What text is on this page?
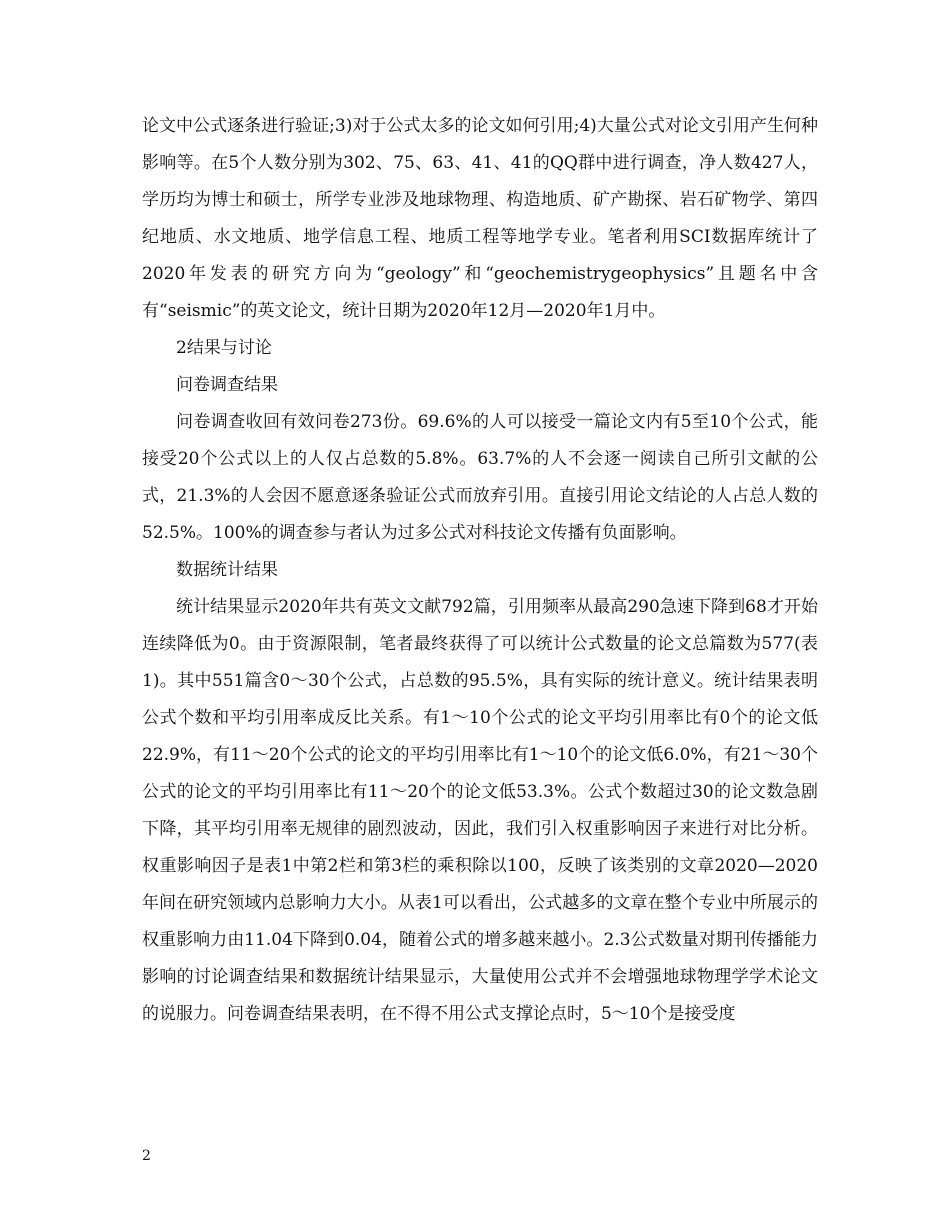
论文中公式逐条进行验证;3)对于公式太多的论文如何引用;4)大量公式对论文引用产生何种影响等。在5个人数分别为302、75、63、41、41的QQ群中进行调查，净人数427人，学历均为博士和硕士，所学专业涉及地球物理、构造地质、矿产勘探、岩石矿物学、第四纪地质、水文地质、地学信息工程、地质工程等地学专业。笔者利用SCI数据库统计了2020年发表的研究方向为“geology”和“geochemistrygeophysics”且题名中含有“seismic”的英文论文，统计日期为2020年12月—2020年1月中。

2结果与讨论

问卷调查结果

问卷调查收回有效问卷273份。69.6%的人可以接受一篇论文内有5至10个公式，能接受20个公式以上的人仅占总数的5.8%。63.7%的人不会逐一阅读自己所引文献的公式，21.3%的人会因不愿意逐条验证公式而放弃引用。直接引用论文结论的人占总人数的52.5%。100%的调查参与者认为过多公式对科技论文传播有负面影响。

数据统计结果

统计结果显示2020年共有英文文献792篇，引用频率从最高290急速下降到68才开始连续降低为0。由于资源限制，笔者最终获得了可以统计公式数量的论文总篇数为577(表1)。其中551篇含0～30个公式，占总数的95.5%，具有实际的统计意义。统计结果表明公式个数和平均引用率成反比关系。有1～10个公式的论文平均引用率比有0个的论文低22.9%，有11～20个公式的论文的平均引用率比有1～10个的论文低6.0%，有21～30个公式的论文的平均引用率比有11～20个的论文低53.3%。公式个数超过30的论文数急剧下降，其平均引用率无规律的剧烈波动，因此，我们引入权重影响因子来进行对比分析。权重影响因子是表1中第2栏和第3栏的乘积除以100，反映了该类别的文章2020—2020年间在研究领域内总影响力大小。从表1可以看出，公式越多的文章在整个专业中所展示的权重影响力由11.04下降到0.04，随着公式的增多越来越小。2.3公式数量对期刊传播能力影响的讨论调查结果和数据统计结果显示，大量使用公式并不会增强地球物理学学术论文的说服力。问卷调查结果表明，在不得不用公式支撑论点时，5～10个是接受度

2
